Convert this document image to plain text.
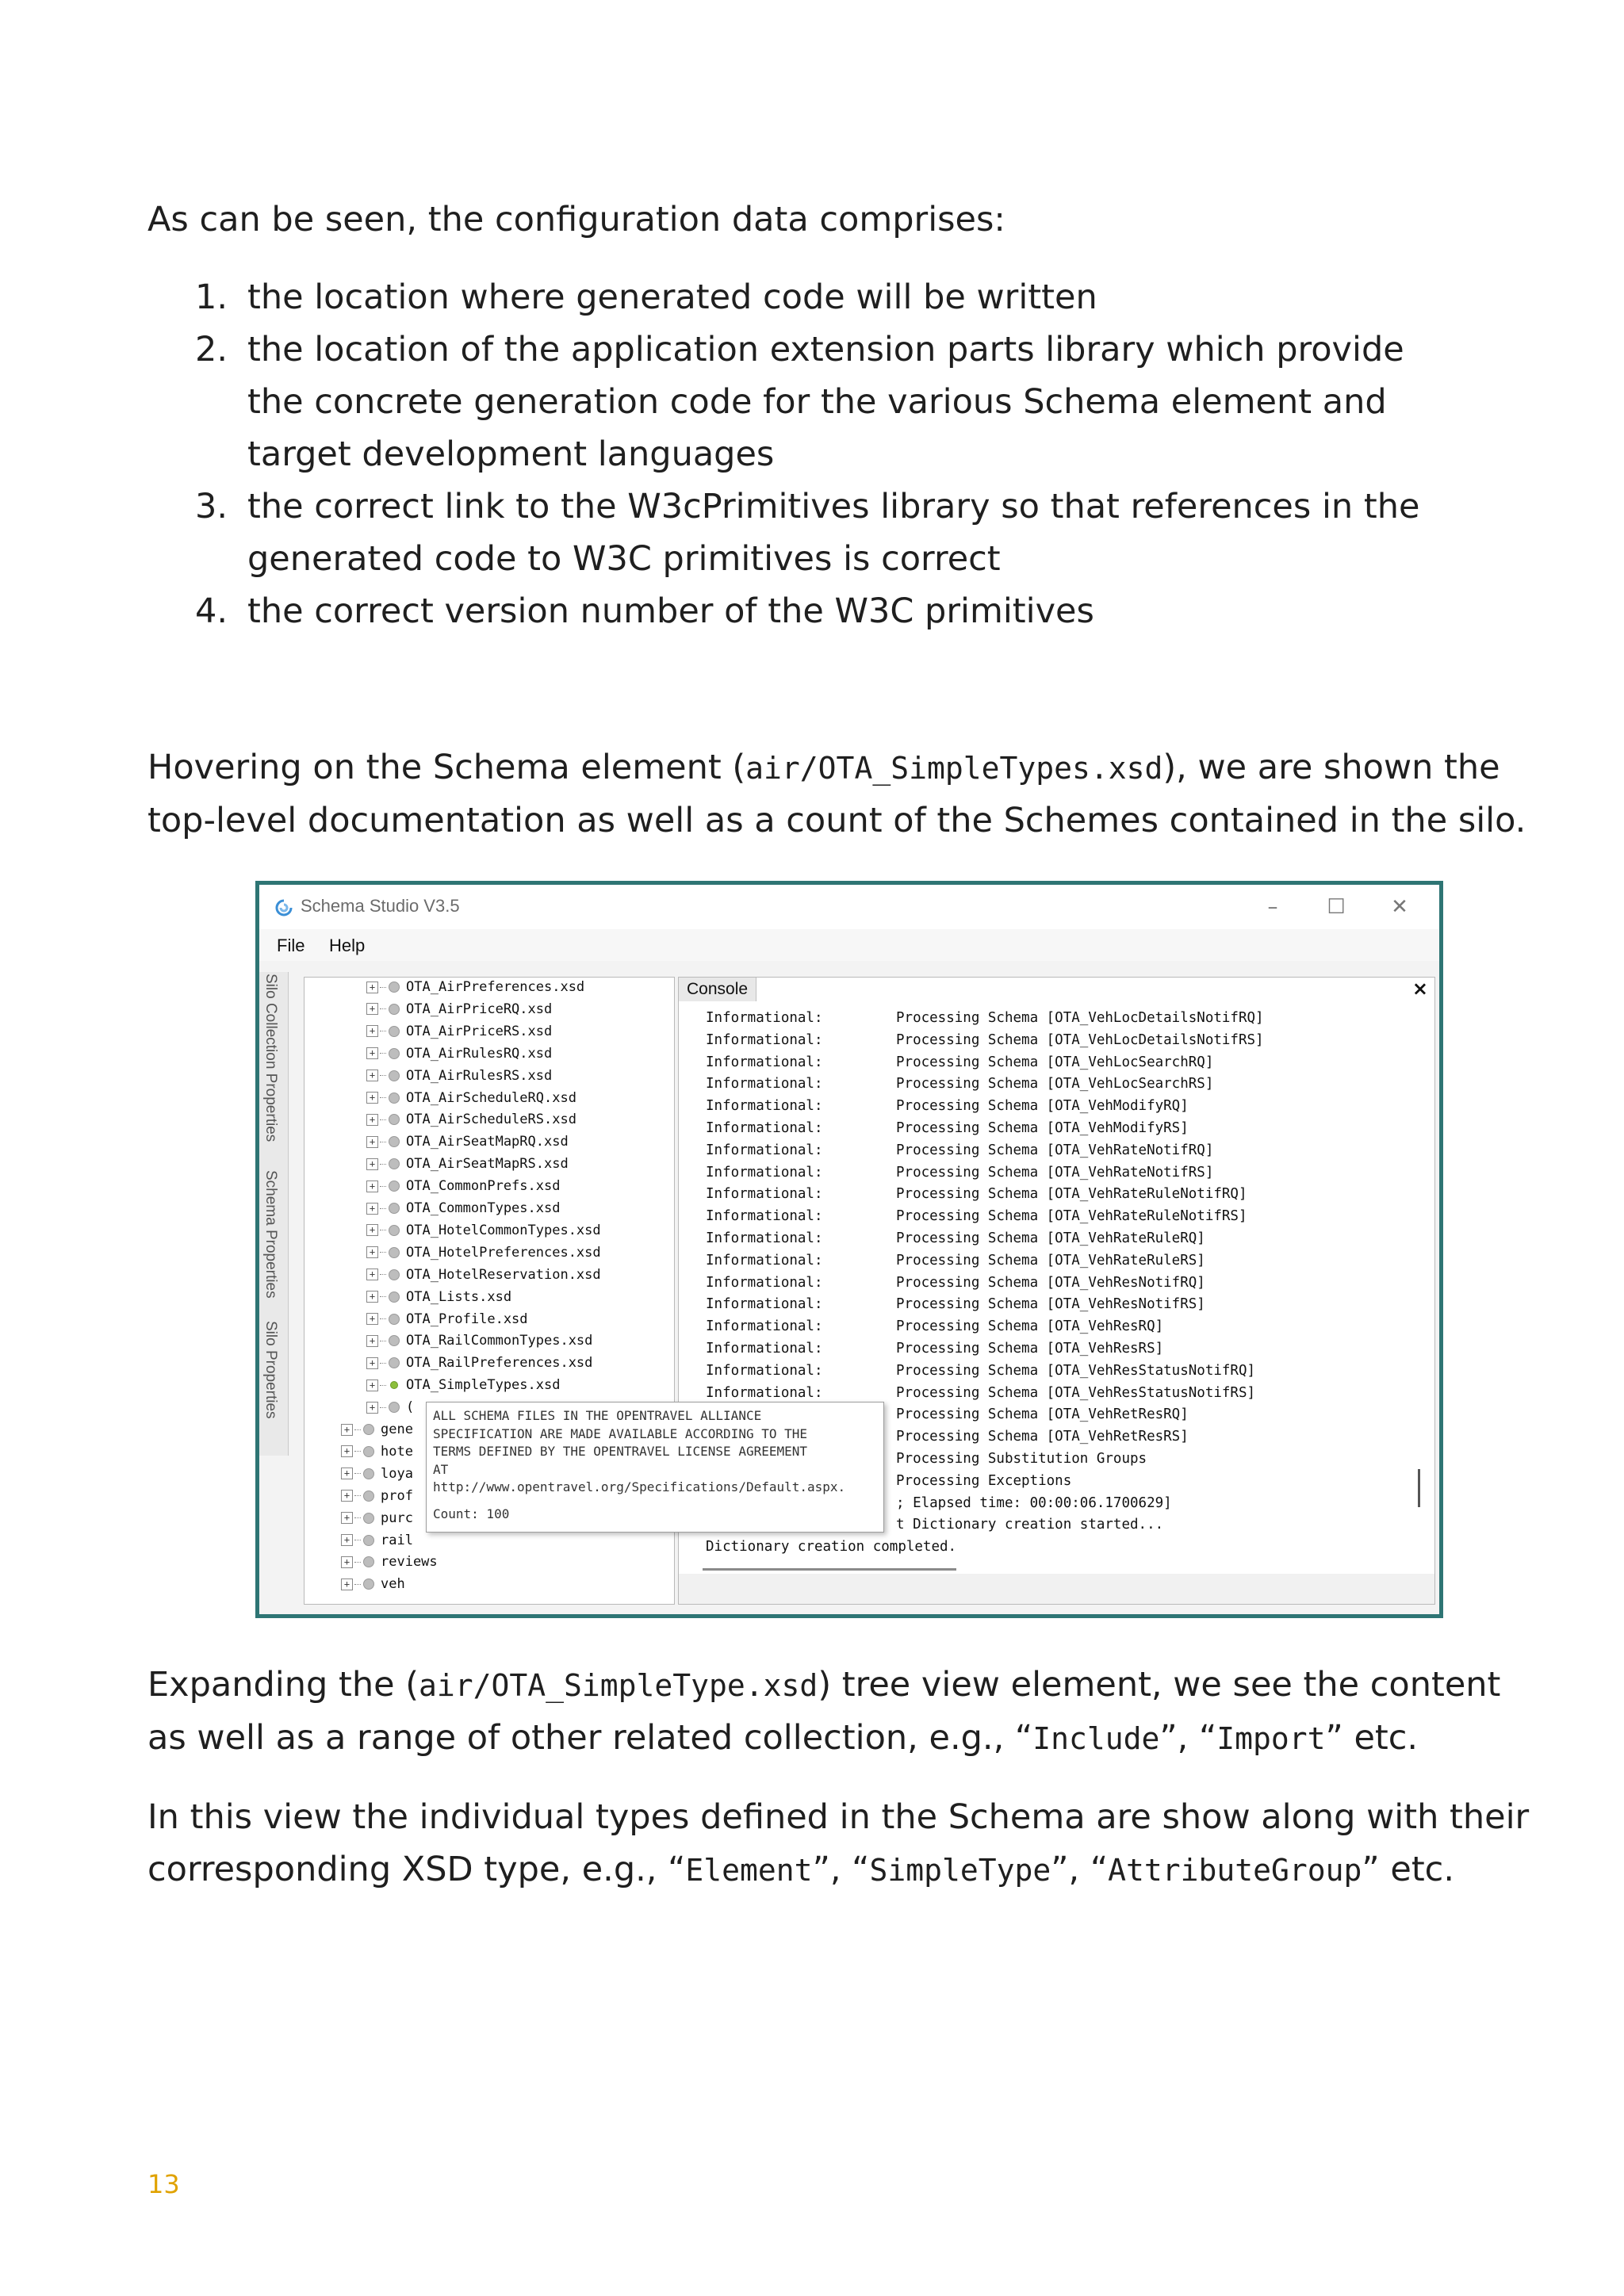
As can be seen, the configuration data comprises:

1. the location where generated code will be written
2. the location of the application extension parts library which provide the concrete generation code for the various Schema element and target development languages
3. the correct link to the W3cPrimitives library so that references in the generated code to W3C primitives is correct
4. the correct version number of the W3C primitives

Hovering on the Schema element (air/OTA_SimpleTypes.xsd), we are shown the top-level documentation as well as a count of the Schemes contained in the silo.

Schema Studio V3.5	–	☐	✕
File Help
Silo Collection Properties
Schema Properties
Silo Properties
+ OTA_AirPreferences.xsd
+ OTA_AirPriceRQ.xsd
+ OTA_AirPriceRS.xsd
+ OTA_AirRulesRQ.xsd
+ OTA_AirRulesRS.xsd
+ OTA_AirScheduleRQ.xsd
+ OTA_AirScheduleRS.xsd
+ OTA_AirSeatMapRQ.xsd
+ OTA_AirSeatMapRS.xsd
+ OTA_CommonPrefs.xsd
+ OTA_CommonTypes.xsd
+ OTA_HotelCommonTypes.xsd
+ OTA_HotelPreferences.xsd
+ OTA_HotelReservation.xsd
+ OTA_Lists.xsd
+ OTA_Profile.xsd
+ OTA_RailCommonTypes.xsd
+ OTA_RailPreferences.xsd
+ OTA_SimpleTypes.xsd
+ (
+ gene
+ hote
+ loya
+ prof
+ purc
+ rail
+ reviews
+ veh
Console	×
Informational:	Processing Schema [OTA_VehLocDetailsNotifRQ]
Informational:	Processing Schema [OTA_VehLocDetailsNotifRS]
Informational:	Processing Schema [OTA_VehLocSearchRQ]
Informational:	Processing Schema [OTA_VehLocSearchRS]
Informational:	Processing Schema [OTA_VehModifyRQ]
Informational:	Processing Schema [OTA_VehModifyRS]
Informational:	Processing Schema [OTA_VehRateNotifRQ]
Informational:	Processing Schema [OTA_VehRateNotifRS]
Informational:	Processing Schema [OTA_VehRateRuleNotifRQ]
Informational:	Processing Schema [OTA_VehRateRuleNotifRS]
Informational:	Processing Schema [OTA_VehRateRuleRQ]
Informational:	Processing Schema [OTA_VehRateRuleRS]
Informational:	Processing Schema [OTA_VehResNotifRQ]
Informational:	Processing Schema [OTA_VehResNotifRS]
Informational:	Processing Schema [OTA_VehResRQ]
Informational:	Processing Schema [OTA_VehResRS]
Informational:	Processing Schema [OTA_VehResStatusNotifRQ]
Informational:	Processing Schema [OTA_VehResStatusNotifRS]
Processing Schema [OTA_VehRetResRQ]
Processing Schema [OTA_VehRetResRS]
Processing Substitution Groups
Processing Exceptions
; Elapsed time: 00:00:06.1700629]
t Dictionary creation started...
Dictionary creation completed.
ALL SCHEMA FILES IN THE OPENTRAVEL ALLIANCE
SPECIFICATION ARE MADE AVAILABLE ACCORDING TO THE
TERMS DEFINED BY THE OPENTRAVEL LICENSE AGREEMENT
AT
http://www.opentravel.org/Specifications/Default.aspx.
Count: 100

Expanding the (air/OTA_SimpleType.xsd) tree view element, we see the content as well as a range of other related collection, e.g., “Include”, “Import” etc.

In this view the individual types defined in the Schema are show along with their corresponding XSD type, e.g., “Element”, “SimpleType”, “AttributeGroup” etc.

13
